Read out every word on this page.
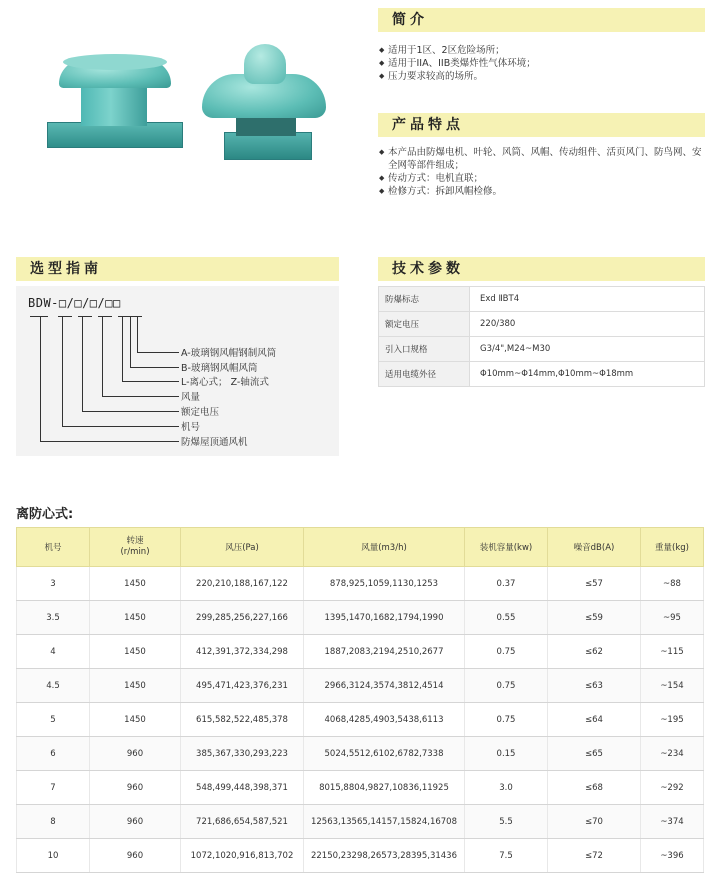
简介
◆ 适用于1区、2区危险场所；
◆ 适用于IIA、IIB类爆炸性气体环境；
◆ 压力要求较高的场所。
产品特点
◆ 本产品由防爆电机、叶轮、风筒、风帽、传动组件、活页风门、防鸟网、安全网等部件组成；
◆ 传动方式：电机直联；
◆ 检修方式：拆卸风帽检修。
选型指南
BDW-□/□/□/□□
A-玻璃钢风帽钢制风筒
B-玻璃钢风帽风筒
L-离心式； Z-轴流式
风量
额定电压
机号
防爆屋顶通风机
技术参数
防爆标志	Exd ⅡBT4
额定电压	220/380
引入口规格	G3/4",M24~M30
适用电缆外径	Φ10mm~Φ14mm,Φ10mm~Φ18mm
离防心式:
机号	转速
(r/min)	风压(Pa)	风量(m3/h)	装机容量(kw)	噪音dB(A)	重量(kg)
3	1450	220,210,188,167,122	878,925,1059,1130,1253	0.37	≤57	~88
3.5	1450	299,285,256,227,166	1395,1470,1682,1794,1990	0.55	≤59	~95
4	1450	412,391,372,334,298	1887,2083,2194,2510,2677	0.75	≤62	~115
4.5	1450	495,471,423,376,231	2966,3124,3574,3812,4514	0.75	≤63	~154
5	1450	615,582,522,485,378	4068,4285,4903,5438,6113	0.75	≤64	~195
6	960	385,367,330,293,223	5024,5512,6102,6782,7338	0.15	≤65	~234
7	960	548,499,448,398,371	8015,8804,9827,10836,11925	3.0	≤68	~292
8	960	721,686,654,587,521	12563,13565,14157,15824,16708	5.5	≤70	~374
10	960	1072,1020,916,813,702	22150,23298,26573,28395,31436	7.5	≤72	~396
